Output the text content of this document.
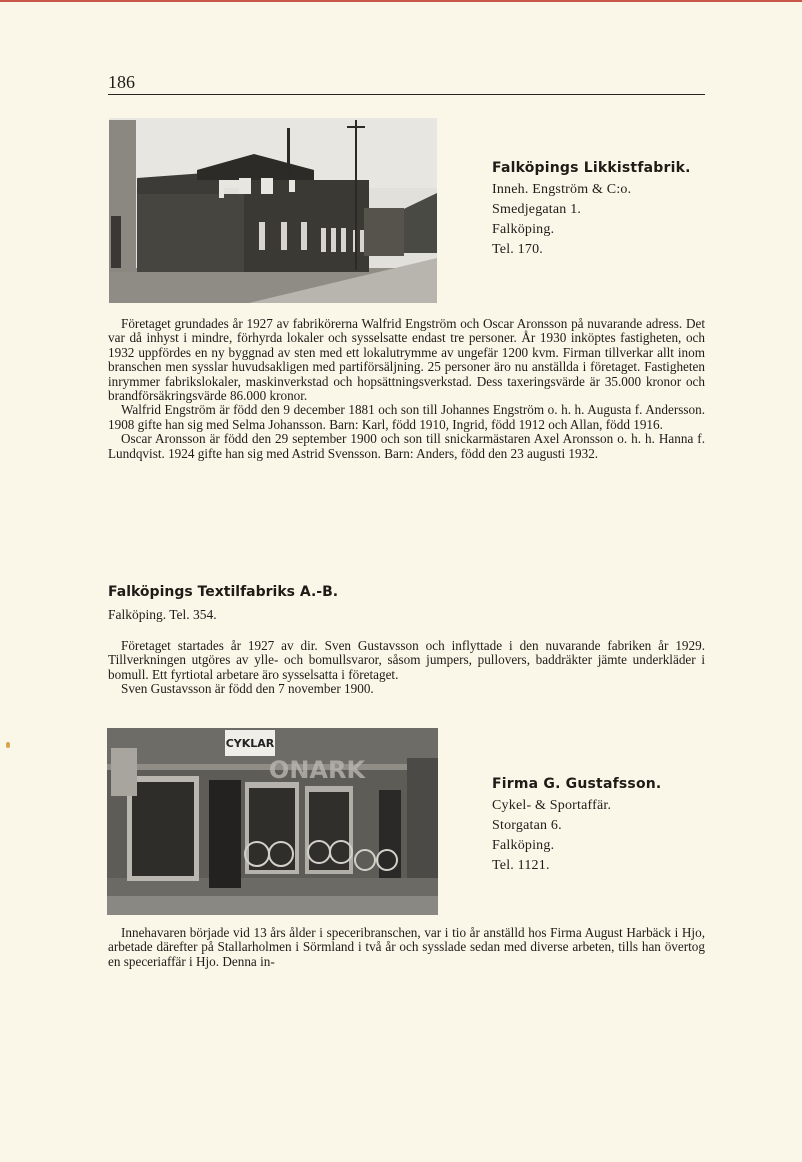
186
Falköpings Likkistfabrik.
Inneh. Engström & C:o.
Smedjegatan 1.
Falköping.
Tel. 170.

Företaget grundades år 1927 av fabrikörerna Walfrid Engström och Oscar Aronsson på nuvarande adress. Det var då inhyst i mindre, förhyrda lokaler och sysselsatte endast tre personer. År 1930 inköptes fastigheten, och 1932 uppfördes en ny byggnad av sten med ett lokalutrymme av ungefär 1200 kvm. Firman tillverkar allt inom branschen men sysslar huvudsakligen med partiförsäljning. 25 personer äro nu anställda i företaget. Fastigheten inrymmer fabrikslokaler, maskinverkstad och hopsättningsverkstad. Dess taxeringsvärde är 35.000 kronor och brandförsäkringsvärde 86.000 kronor.

Walfrid Engström är född den 9 december 1881 och son till Johannes Engström o. h. h. Augusta f. Andersson. 1908 gifte han sig med Selma Johansson. Barn: Karl, född 1910, Ingrid, född 1912 och Allan, född 1916.

Oscar Aronsson är född den 29 september 1900 och son till snickarmästaren Axel Aronsson o. h. h. Hanna f. Lundqvist. 1924 gifte han sig med Astrid Svensson. Barn: Anders, född den 23 augusti 1932.

Falköpings Textilfabriks A.-B.
Falköping. Tel. 354.

Företaget startades år 1927 av dir. Sven Gustavsson och inflyttade i den nuvarande fabriken år 1929. Tillverkningen utgöres av ylle- och bomullsvaror, såsom jumpers, pullovers, baddräkter jämte underkläder i bomull. Ett fyrtiotal arbetare äro sysselsatta i företaget.

Sven Gustavsson är född den 7 november 1900.

CYKLAR
ONARK	Firma G. Gustafsson.
Cykel- & Sportaffär.
Storgatan 6.
Falköping.
Tel. 1121.

Innehavaren började vid 13 års ålder i speceribranschen, var i tio år anställd hos Firma August Harbäck i Hjo, arbetade därefter på Stallarholmen i Sörmland i två år och sysslade sedan med diverse arbeten, tills han övertog en speceriaffär i Hjo. Denna in-
